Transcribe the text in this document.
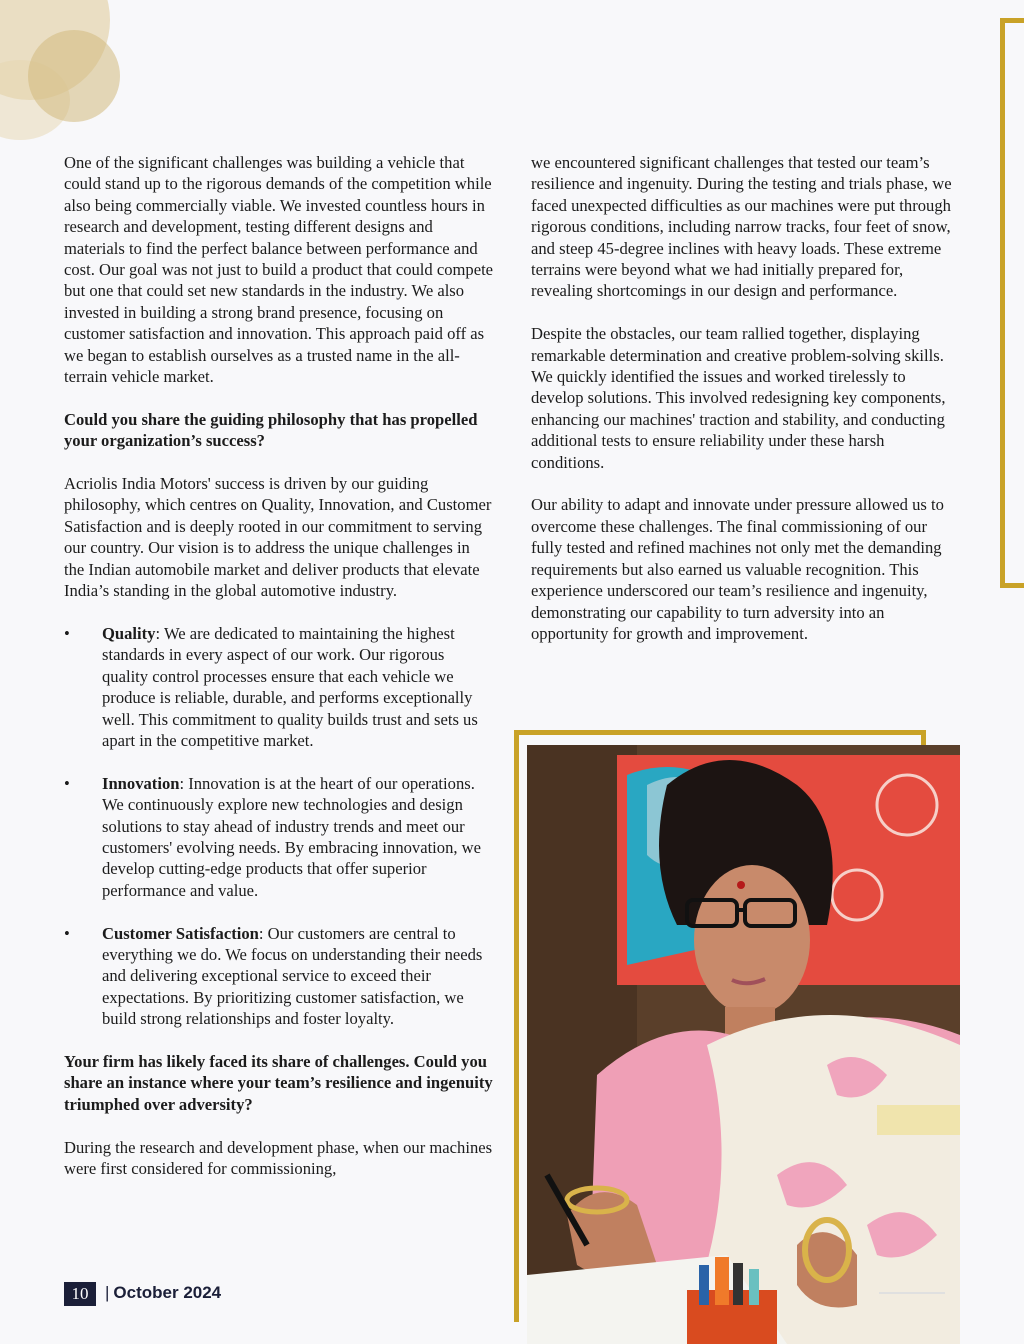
One of the significant challenges was building a vehicle that could stand up to the rigorous demands of the competition while also being commercially viable. We invested countless hours in research and development, testing different designs and materials to find the perfect balance between performance and cost. Our goal was not just to build a product that could compete but one that could set new standards in the industry. We also invested in building a strong brand presence, focusing on customer satisfaction and innovation. This approach paid off as we began to establish ourselves as a trusted name in the all-terrain vehicle market.

Could you share the guiding philosophy that has propelled your organization’s success?

Acriolis India Motors' success is driven by our guiding philosophy, which centres on Quality, Innovation, and Customer Satisfaction and is deeply rooted in our commitment to serving our country. Our vision is to address the unique challenges in the Indian automobile market and deliver products that elevate India’s standing in the global automotive industry.

• Quality: We are dedicated to maintaining the highest standards in every aspect of our work. Our rigorous quality control processes ensure that each vehicle we produce is reliable, durable, and performs exceptionally well. This commitment to quality builds trust and sets us apart in the competitive market.
• Innovation: Innovation is at the heart of our operations. We continuously explore new technologies and design solutions to stay ahead of industry trends and meet our customers' evolving needs. By embracing innovation, we develop cutting-edge products that offer superior performance and value.
• Customer Satisfaction: Our customers are central to everything we do. We focus on understanding their needs and delivering exceptional service to exceed their expectations. By prioritizing customer satisfaction, we build strong relationships and foster loyalty.

Your firm has likely faced its share of challenges. Could you share an instance where your team’s resilience and ingenuity triumphed over adversity?

During the research and development phase, when our machines were first considered for commissioning,

we encountered significant challenges that tested our team’s resilience and ingenuity. During the testing and trials phase, we faced unexpected difficulties as our machines were put through rigorous conditions, including narrow tracks, four feet of snow, and steep 45-degree inclines with heavy loads. These extreme terrains were beyond what we had initially prepared for, revealing shortcomings in our design and performance.

Despite the obstacles, our team rallied together, displaying remarkable determination and creative problem-solving skills. We quickly identified the issues and worked tirelessly to develop solutions. This involved redesigning key components, enhancing our machines' traction and stability, and conducting additional tests to ensure reliability under these harsh conditions.

Our ability to adapt and innovate under pressure allowed us to overcome these challenges. The final commissioning of our fully tested and refined machines not only met the demanding requirements but also earned us valuable recognition. This experience underscored our team’s resilience and ingenuity, demonstrating our capability to turn adversity into an opportunity for growth and improvement.

10 | October 2024
